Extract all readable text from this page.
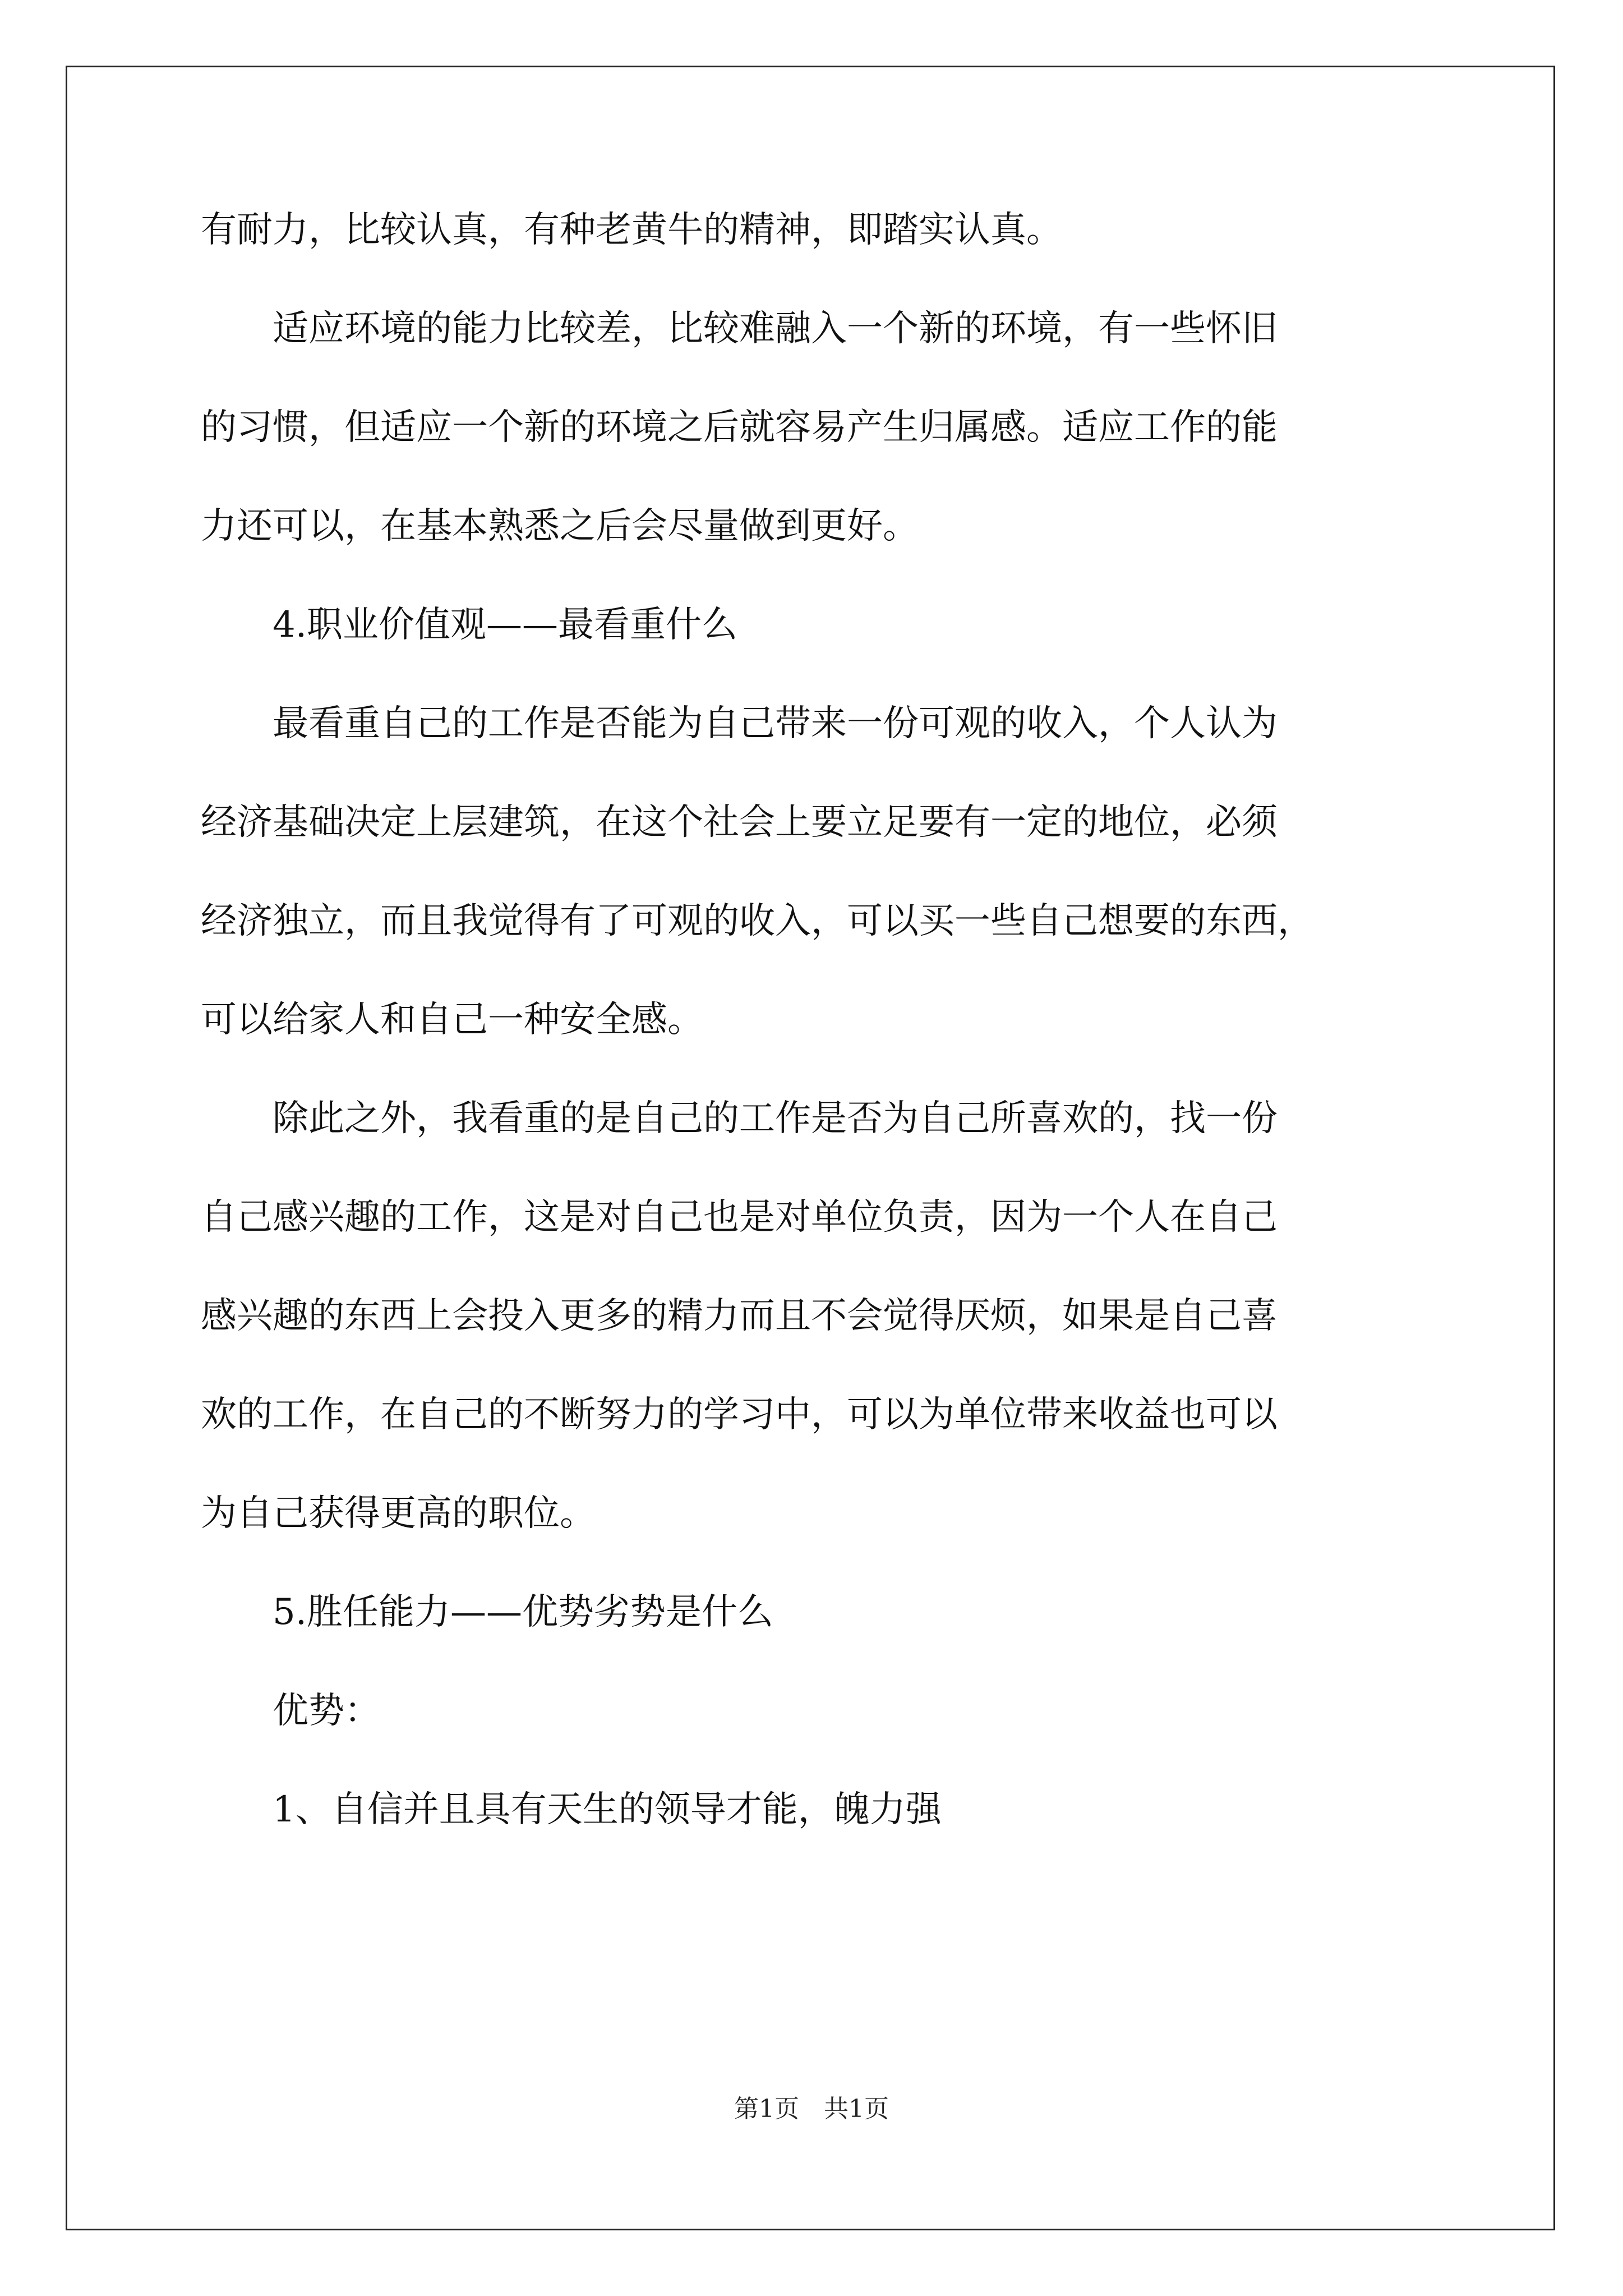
有耐力，比较认真，有种老黄牛的精神，即踏实认真。

　　适应环境的能力比较差，比较难融入一个新的环境，有一些怀旧

的习惯，但适应一个新的环境之后就容易产生归属感。适应工作的能

力还可以，在基本熟悉之后会尽量做到更好。

　　4.职业价值观——最看重什么

　　最看重自己的工作是否能为自己带来一份可观的收入，个人认为

经济基础决定上层建筑，在这个社会上要立足要有一定的地位，必须

经济独立，而且我觉得有了可观的收入，可以买一些自己想要的东西，

可以给家人和自己一种安全感。

　　除此之外，我看重的是自己的工作是否为自己所喜欢的，找一份

自己感兴趣的工作，这是对自己也是对单位负责，因为一个人在自己

感兴趣的东西上会投入更多的精力而且不会觉得厌烦，如果是自己喜

欢的工作，在自己的不断努力的学习中，可以为单位带来收益也可以

为自己获得更高的职位。

　　5.胜任能力——优势劣势是什么

　　优势：

　　1、自信并且具有天生的领导才能，魄力强

第1页　共1页
